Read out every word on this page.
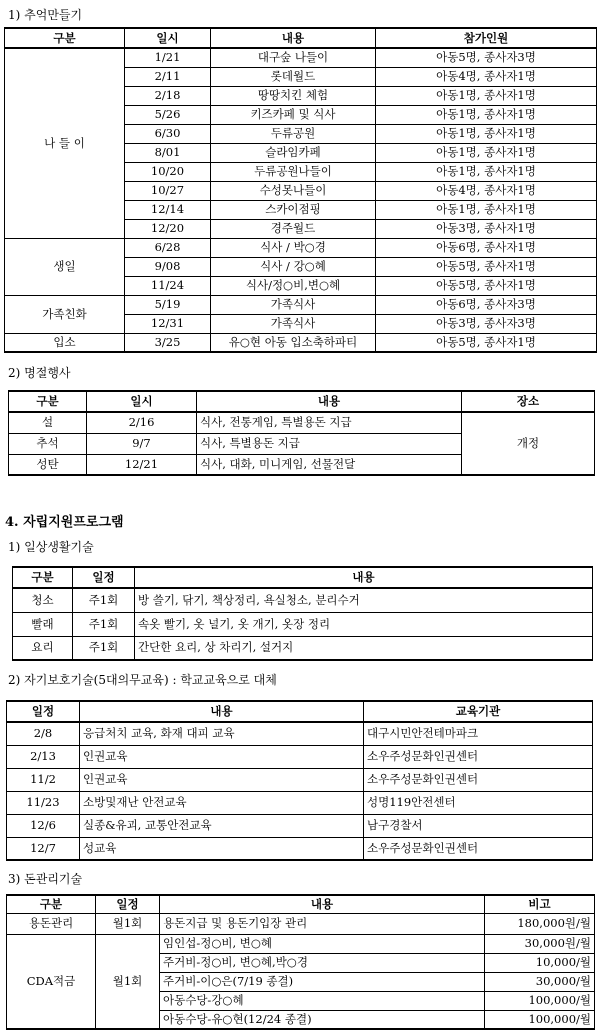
1) 추억만들기
구분	일시	내용	참가인원
나 들 이	1/21	대구숲 나들이	아동5명, 종사자3명
	2/11	롯데월드	아동4명, 종사자1명
	2/18	땅땅치킨 체험	아동1명, 종사자1명
	5/26	키즈카페 및 식사	아동1명, 종사자1명
	6/30	두류공원	아동1명, 종사자1명
	8/01	슬라임카페	아동1명, 종사자1명
	10/20	두류공원나들이	아동1명, 종사자1명
	10/27	수성못나들이	아동4명, 종사자1명
	12/14	스카이점핑	아동1명, 종사자1명
	12/20	경주월드	아동3명, 종사자1명
생일	6/28	식사 / 박○경	아동6명, 종사자1명
	9/08	식사 / 강○혜	아동5명, 종사자1명
	11/24	식사/정○비,변○혜	아동5명, 종사자1명
가족친화	5/19	가족식사	아동6명, 종사자3명
	12/31	가족식사	아동3명, 종사자3명
입소	3/25	유○현 아동 입소축하파티	아동5명, 종사자1명
2) 명절행사
구분	일시	내용	장소
설	2/16	식사, 전통게임, 특별용돈 지급	개정
추석	9/7	식사, 특별용돈 지급	
성탄	12/21	식사, 대화, 미니게임, 선물전달	
4. 자립지원프로그램
1) 일상생활기술
구분	일정	내용
청소	주1회	방 쓸기, 닦기, 책상정리, 욕실청소, 분리수거
빨래	주1회	속옷 빨기, 옷 널기, 옷 개기, 옷장 정리
요리	주1회	간단한 요리, 상 차리기, 설거지
2) 자기보호기술(5대의무교육) : 학교교육으로 대체
일정	내용	교육기관
2/8	응급처치 교육, 화재 대피 교육	대구시민안전테마파크
2/13	인권교육	소우주성문화인권센터
11/2	인권교육	소우주성문화인권센터
11/23	소방및재난 안전교육	성명119안전센터
12/6	실종&유괴, 교통안전교육	남구경찰서
12/7	성교육	소우주성문화인권센터
3) 돈관리기술
구분	일정	내용	비고
용돈관리	월1회	용돈지급 및 용돈기입장 관리	180,000원/월
CDA적금	월1회	임인섭-정○비, 변○혜	30,000원/월
		주거비-정○비, 변○혜,박○경	10,000/월
		주거비-이○은(7/19 종결)	30,000/월
		아동수당-강○혜	100,000/월
		아동수당-유○현(12/24 종결)	100,000/월
